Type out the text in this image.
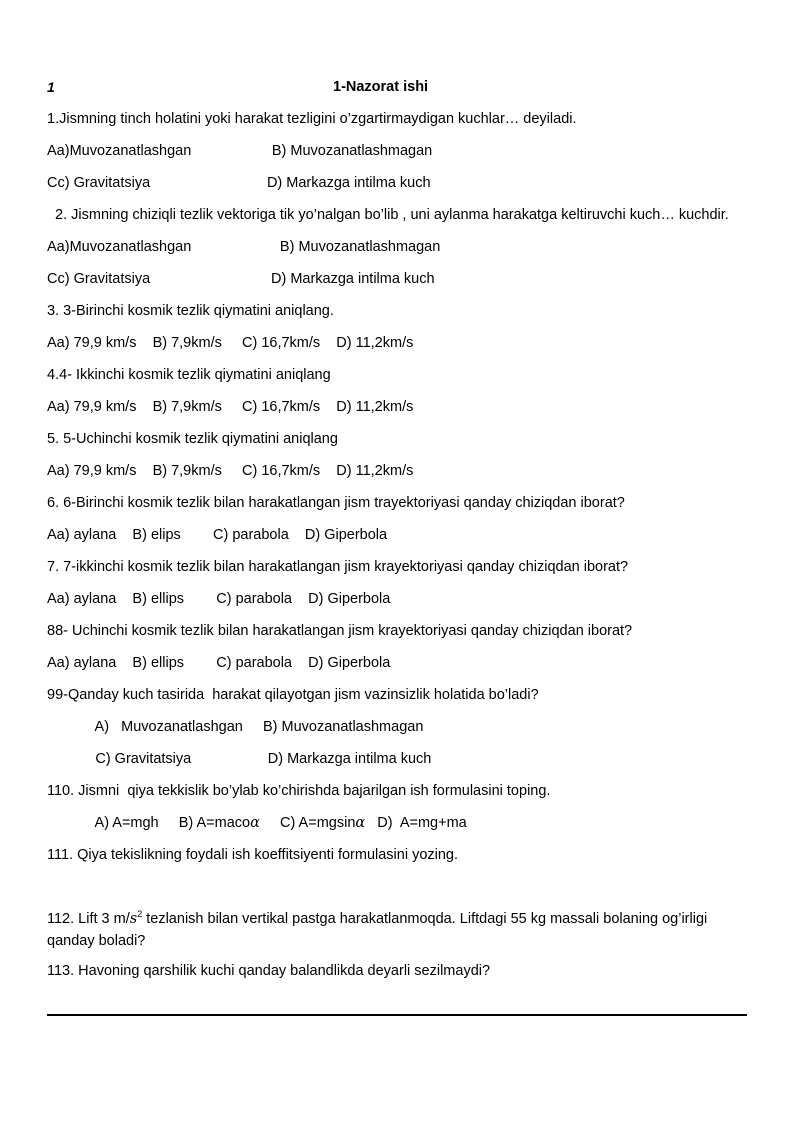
1	1-Nazorat ishi

1.Jismning tinch holatini yoki harakat tezligini o’zgartirmaydigan kuchlar… deyiladi.

Aa)Muvozanatlashgan                    B) Muvozanatlashmagan

Cc) Gravitatsiya                             D) Markazga intilma kuch

2. Jismning chiziqli tezlik vektoriga tik yo’nalgan bo’lib , uni aylanma harakatga keltiruvchi kuch… kuchdir.

Aa)Muvozanatlashgan                      B) Muvozanatlashmagan

Cc) Gravitatsiya                              D) Markazga intilma kuch

3. 3-Birinchi kosmik tezlik qiymatini aniqlang.

Aa) 79,9 km/s    B) 7,9km/s     C) 16,7km/s    D) 11,2km/s

4.4- Ikkinchi kosmik tezlik qiymatini aniqlang

Aa) 79,9 km/s    B) 7,9km/s     C) 16,7km/s    D) 11,2km/s

5. 5-Uchinchi kosmik tezlik qiymatini aniqlang

Aa) 79,9 km/s    B) 7,9km/s     C) 16,7km/s    D) 11,2km/s

6. 6-Birinchi kosmik tezlik bilan harakatlangan jism trayektoriyasi qanday chiziqdan iborat?

Aa) aylana    B) elips        C) parabola    D) Giperbola

7. 7-ikkinchi kosmik tezlik bilan harakatlangan jism krayektoriyasi qanday chiziqdan iborat?

Aa) aylana    B) ellips        C) parabola    D) Giperbola

88- Uchinchi kosmik tezlik bilan harakatlangan jism krayektoriyasi qanday chiziqdan iborat?

Aa) aylana    B) ellips        C) parabola    D) Giperbola

99-Qanday kuch tasirida  harakat qilayotgan jism vazinsizlik holatida bo’ladi?

A)   Muvozanatlashgan     B) Muvozanatlashmagan

C) Gravitatsiya                   D) Markazga intilma kuch

110. Jismni  qiya tekkislik bo’ylab ko’chirishda bajarilgan ish formulasini toping.

A) A=mgh     B) A=macoα     C) A=mgsinα   D)  A=mg+ma

111. Qiya tekislikning foydali ish koeffitsiyenti formulasini yozing.

112. Lift 3 $m/s^2$ tezlanish bilan vertikal pastga harakatlanmoqda. Liftdagi 55 kg massali bolaning og’irligi qanday boladi?

113. Havoning qarshilik kuchi qanday balandlikda deyarli sezilmaydi?
